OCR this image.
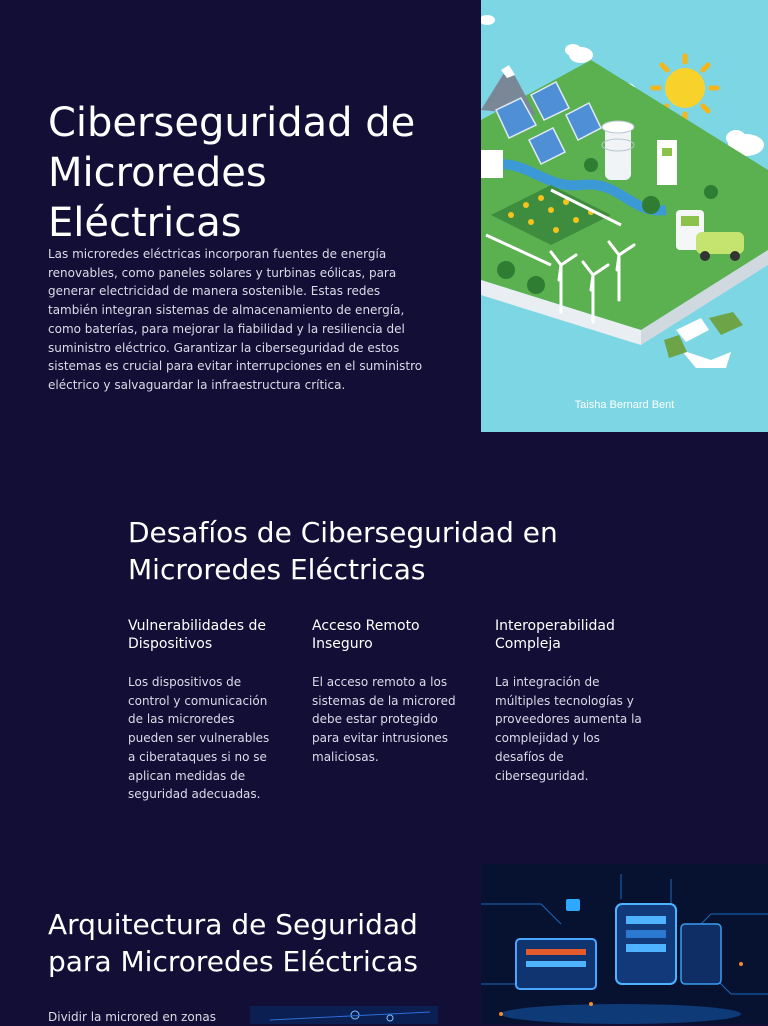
Ciberseguridad de Microredes Eléctricas

Las microredes eléctricas incorporan fuentes de energía renovables, como paneles solares y turbinas eólicas, para generar electricidad de manera sostenible. Estas redes también integran sistemas de almacenamiento de energía, como baterías, para mejorar la fiabilidad y la resiliencia del suministro eléctrico. Garantizar la ciberseguridad de estos sistemas es crucial para evitar interrupciones en el suministro eléctrico y salvaguardar la infraestructura crítica.

Taisha Bernard Bent
Desafíos de Ciberseguridad en Microredes Eléctricas
Vulnerabilidades de Dispositivos

Los dispositivos de control y comunicación de las microredes pueden ser vulnerables a ciberataques si no se aplican medidas de seguridad adecuadas.

Acceso Remoto Inseguro

El acceso remoto a los sistemas de la microred debe estar protegido para evitar intrusiones maliciosas.

Interoperabilidad Compleja

La integración de múltiples tecnologías y proveedores aumenta la complejidad y los desafíos de ciberseguridad.

Arquitectura de Seguridad para Microredes Eléctricas

Dividir la microred en zonas
